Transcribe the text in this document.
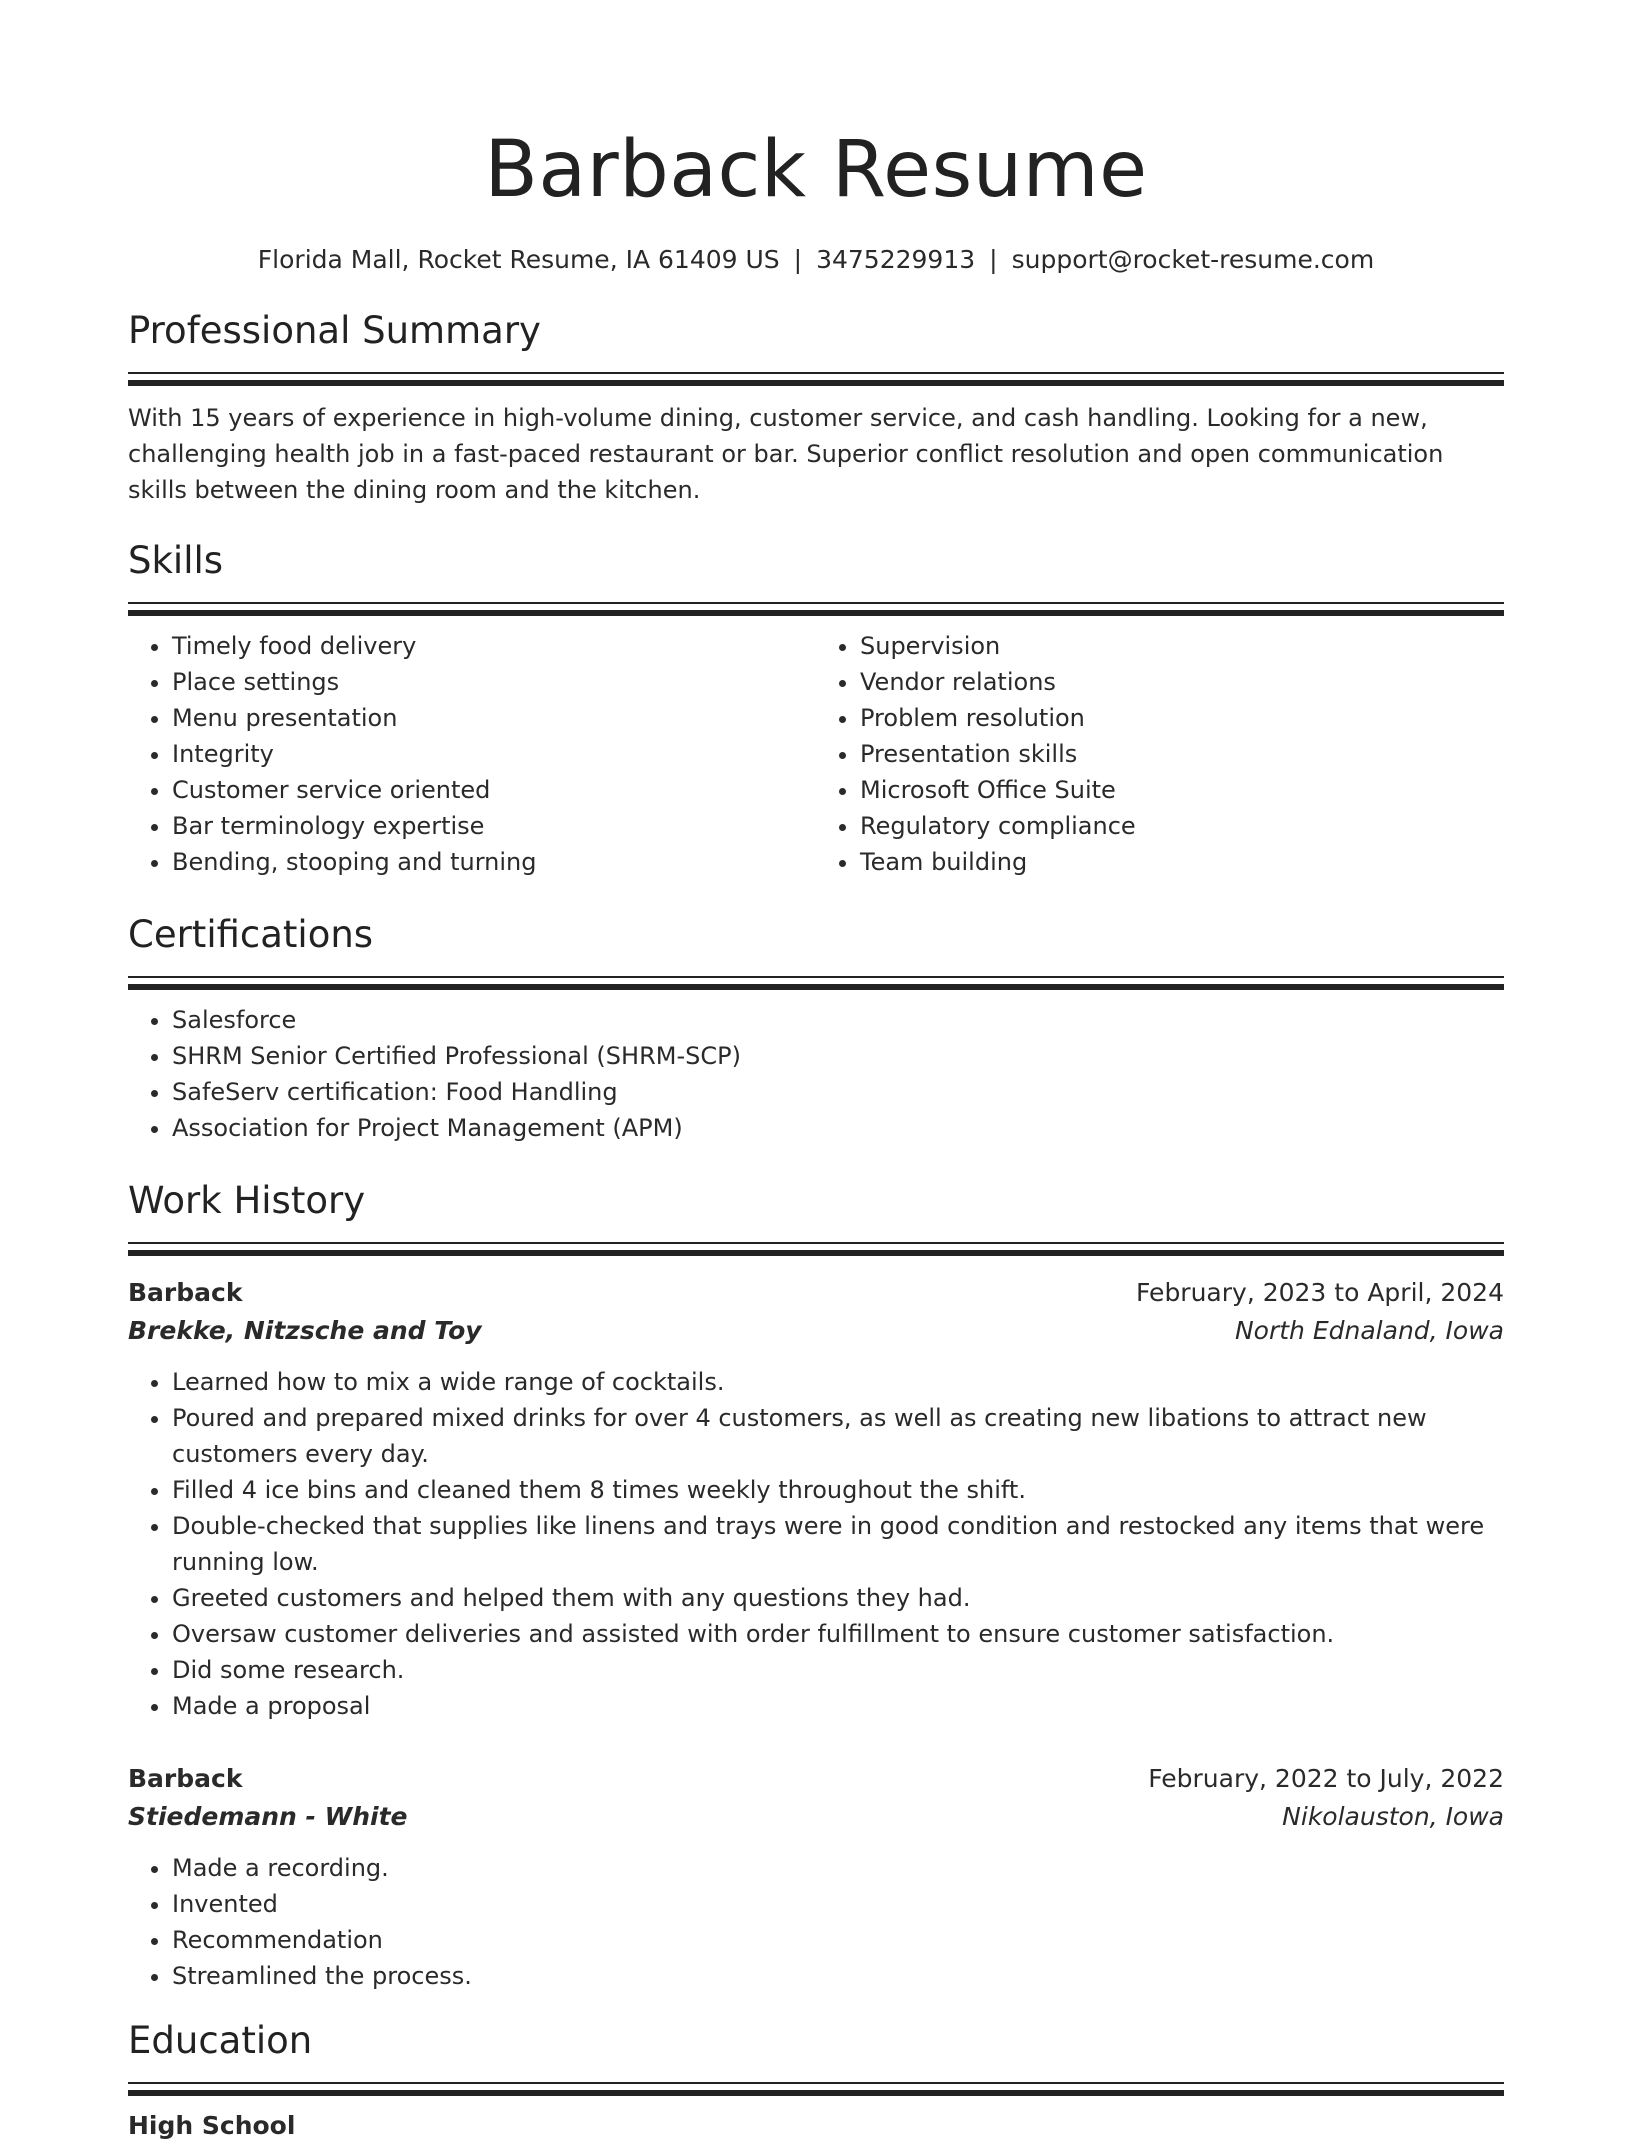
Barback Resume
Florida Mall, Rocket Resume, IA 61409 US | 3475229913 | support@rocket-resume.com
Professional Summary

With 15 years of experience in high-volume dining, customer service, and cash handling. Looking for a new, challenging health job in a fast-paced restaurant or bar. Superior conflict resolution and open communication skills between the dining room and the kitchen.

Skills
• Timely food delivery
• Place settings
• Menu presentation
• Integrity
• Customer service oriented
• Bar terminology expertise
• Bending, stooping and turning
• Supervision
• Vendor relations
• Problem resolution
• Presentation skills
• Microsoft Office Suite
• Regulatory compliance
• Team building
Certifications
• Salesforce
• SHRM Senior Certified Professional (SHRM-SCP)
• SafeServ certification: Food Handling
• Association for Project Management (APM)
Work History
Barback	February, 2023 to April, 2024
Brekke, Nitzsche and Toy	North Ednaland, Iowa
• Learned how to mix a wide range of cocktails.
• Poured and prepared mixed drinks for over 4 customers, as well as creating new libations to attract new customers every day.
• Filled 4 ice bins and cleaned them 8 times weekly throughout the shift.
• Double-checked that supplies like linens and trays were in good condition and restocked any items that were running low.
• Greeted customers and helped them with any questions they had.
• Oversaw customer deliveries and assisted with order fulfillment to ensure customer satisfaction.
• Did some research.
• Made a proposal
Barback	February, 2022 to July, 2022
Stiedemann - White	Nikolauston, Iowa
• Made a recording.
• Invented
• Recommendation
• Streamlined the process.
Education
High School
